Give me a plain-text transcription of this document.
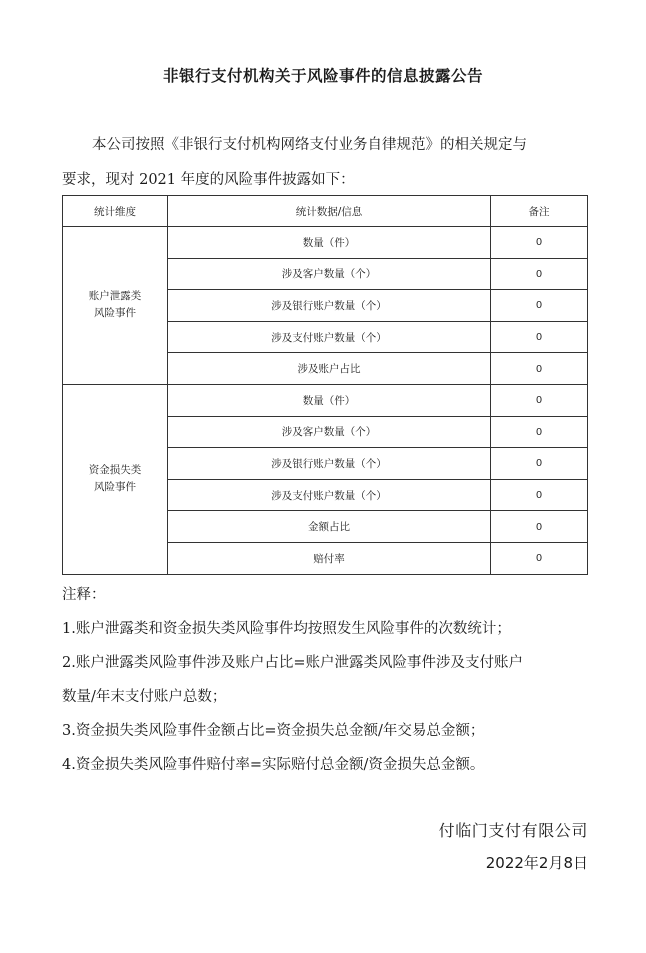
非银行支付机构关于风险事件的信息披露公告
本公司按照《非银行支付机构网络支付业务自律规范》的相关规定与
要求，现对 2021 年度的风险事件披露如下：
统计维度	统计数据/信息	备注

账户泄露类
风险事件	数量（件）	0
	涉及客户数量（个）	0
	涉及银行账户数量（个）	0
	涉及支付账户数量（个）	0
	涉及账户占比	0

资金损失类
风险事件	数量（件）	0
	涉及客户数量（个）	0
	涉及银行账户数量（个）	0
	涉及支付账户数量（个）	0
	金额占比	0
	赔付率	0
注释：
1.账户泄露类和资金损失类风险事件均按照发生风险事件的次数统计；
2.账户泄露类风险事件涉及账户占比=账户泄露类风险事件涉及支付账户
数量/年末支付账户总数；
3.资金损失类风险事件金额占比=资金损失总金额/年交易总金额；
4.资金损失类风险事件赔付率=实际赔付总金额/资金损失总金额。
付临门支付有限公司
2022年2月8日
